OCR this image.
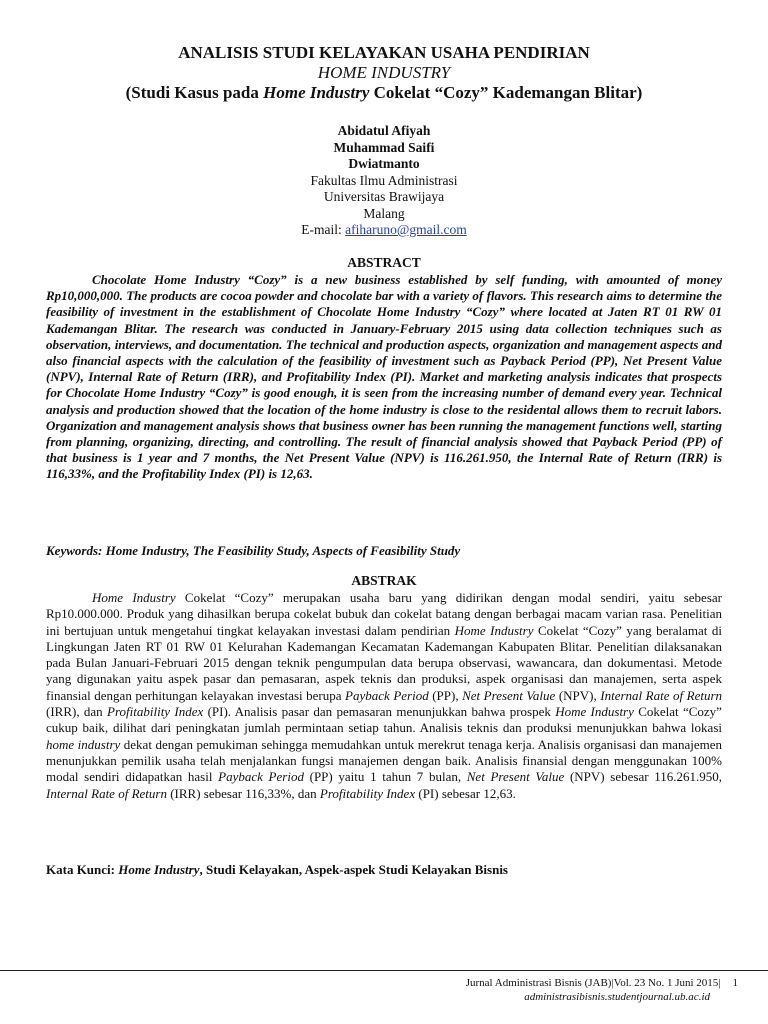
ANALISIS STUDI KELAYAKAN USAHA PENDIRIAN
HOME INDUSTRY
(Studi Kasus pada Home Industry Cokelat “Cozy” Kademangan Blitar)
Abidatul Afiyah
Muhammad Saifi
Dwiatmanto
Fakultas Ilmu Administrasi
Universitas Brawijaya
Malang
E-mail: afiharuno@gmail.com
ABSTRACT

Chocolate Home Industry “Cozy” is a new business established by self funding, with amounted of money Rp10,000,000. The products are cocoa powder and chocolate bar with a variety of flavors. This research aims to determine the feasibility of investment in the establishment of Chocolate Home Industry “Cozy” where located at Jaten RT 01 RW 01 Kademangan Blitar. The research was conducted in January-February 2015 using data collection techniques such as observation, interviews, and documentation. The technical and production aspects, organization and management aspects and also financial aspects with the calculation of the feasibility of investment such as Payback Period (PP), Net Present Value (NPV), Internal Rate of Return (IRR), and Profitability Index (PI). Market and marketing analysis indicates that prospects for Chocolate Home Industry “Cozy” is good enough, it is seen from the increasing number of demand every year. Technical analysis and production showed that the location of the home industry is close to the residental allows them to recruit labors. Organization and management analysis shows that business owner has been running the management functions well, starting from planning, organizing, directing, and controlling. The result of financial analysis showed that Payback Period (PP) of that business is 1 year and 7 months, the Net Present Value (NPV) is 116.261.950, the Internal Rate of Return (IRR) is 116,33%, and the Profitability Index (PI) is 12,63.

Keywords: Home Industry, The Feasibility Study, Aspects of Feasibility Study

ABSTRAK

Home Industry Cokelat “Cozy” merupakan usaha baru yang didirikan dengan modal sendiri, yaitu sebesar Rp10.000.000. Produk yang dihasilkan berupa cokelat bubuk dan cokelat batang dengan berbagai macam varian rasa. Penelitian ini bertujuan untuk mengetahui tingkat kelayakan investasi dalam pendirian Home Industry Cokelat “Cozy” yang beralamat di Lingkungan Jaten RT 01 RW 01 Kelurahan Kademangan Kecamatan Kademangan Kabupaten Blitar. Penelitian dilaksanakan pada Bulan Januari-Februari 2015 dengan teknik pengumpulan data berupa observasi, wawancara, dan dokumentasi. Metode yang digunakan yaitu aspek pasar dan pemasaran, aspek teknis dan produksi, aspek organisasi dan manajemen, serta aspek finansial dengan perhitungan kelayakan investasi berupa Payback Period (PP), Net Present Value (NPV), Internal Rate of Return (IRR), dan Profitability Index (PI). Analisis pasar dan pemasaran menunjukkan bahwa prospek Home Industry Cokelat “Cozy” cukup baik, dilihat dari peningkatan jumlah permintaan setiap tahun. Analisis teknis dan produksi menunjukkan bahwa lokasi home industry dekat dengan pemukiman sehingga memudahkan untuk merekrut tenaga kerja. Analisis organisasi dan manajemen menunjukkan pemilik usaha telah menjalankan fungsi manajemen dengan baik. Analisis finansial dengan menggunakan 100% modal sendiri didapatkan hasil Payback Period (PP) yaitu 1 tahun 7 bulan, Net Present Value (NPV) sebesar 116.261.950, Internal Rate of Return (IRR) sebesar 116,33%, dan Profitability Index (PI) sebesar 12,63.

Kata Kunci: Home Industry, Studi Kelayakan, Aspek-aspek Studi Kelayakan Bisnis

Jurnal Administrasi Bisnis (JAB)|Vol. 23 No. 1 Juni 2015| 1
administrasibisnis.studentjournal.ub.ac.id
